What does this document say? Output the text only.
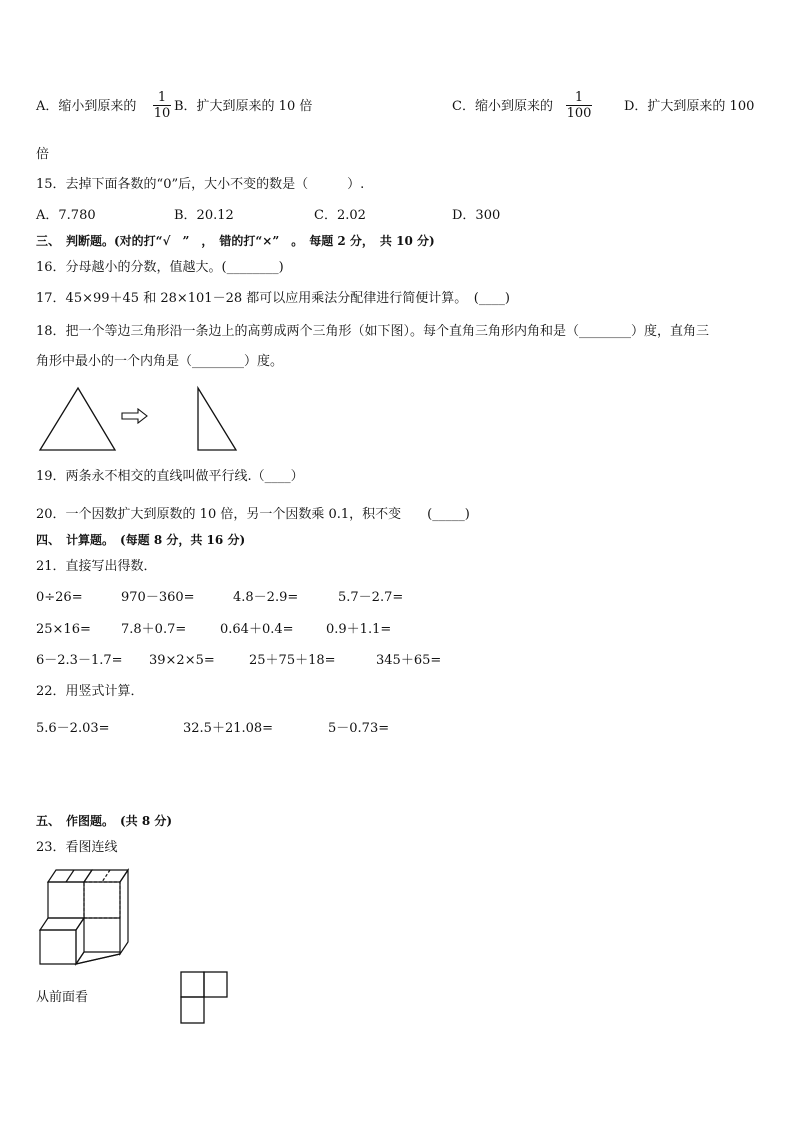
A．缩小到原来的 $\frac{1}{10}$ B．扩大到原来的 10 倍	C．缩小到原来的 $\frac{1}{100}$ D．扩大到原来的 100
倍
15．去掉下面各数的“0”后，大小不变的数是（　　　）.
A．7.780	B．20.12	C．2.02	D．300
三、　判断题。(对的打“√　”　，　错的打“×”　。　每题 2 分，　共 10 分)
16．分母越小的分数，值越大。(________)
17．45×99＋45 和 28×101－28 都可以应用乘法分配律进行简便计算。　(____)
18．把一个等边三角形沿一条边上的高剪成两个三角形（如下图）。每个直角三角形内角和是（________）度，直角三
角形中最小的一个内角是（________）度。
19．两条永不相交的直线叫做平行线.（____）
20．一个因数扩大到原数的 10 倍，另一个因数乘 0.1，积不变　　(_____)
四、　计算题。　(每题 8 分，共 16 分)
21．直接写出得数．
0÷26=	970－360=	4.8－2.9=	5.7－2.7=
25×16= 7.8＋0.7=	0.64＋0.4= 0.9＋1.1=
6－2.3－1.7= 39×2×5=	25＋75＋18=	345＋65=
22．用竖式计算．
5.6－2.03=	32.5＋21.08=	5－0.73=
五、　作图题。　(共 8 分)
23．看图连线
从前面看
